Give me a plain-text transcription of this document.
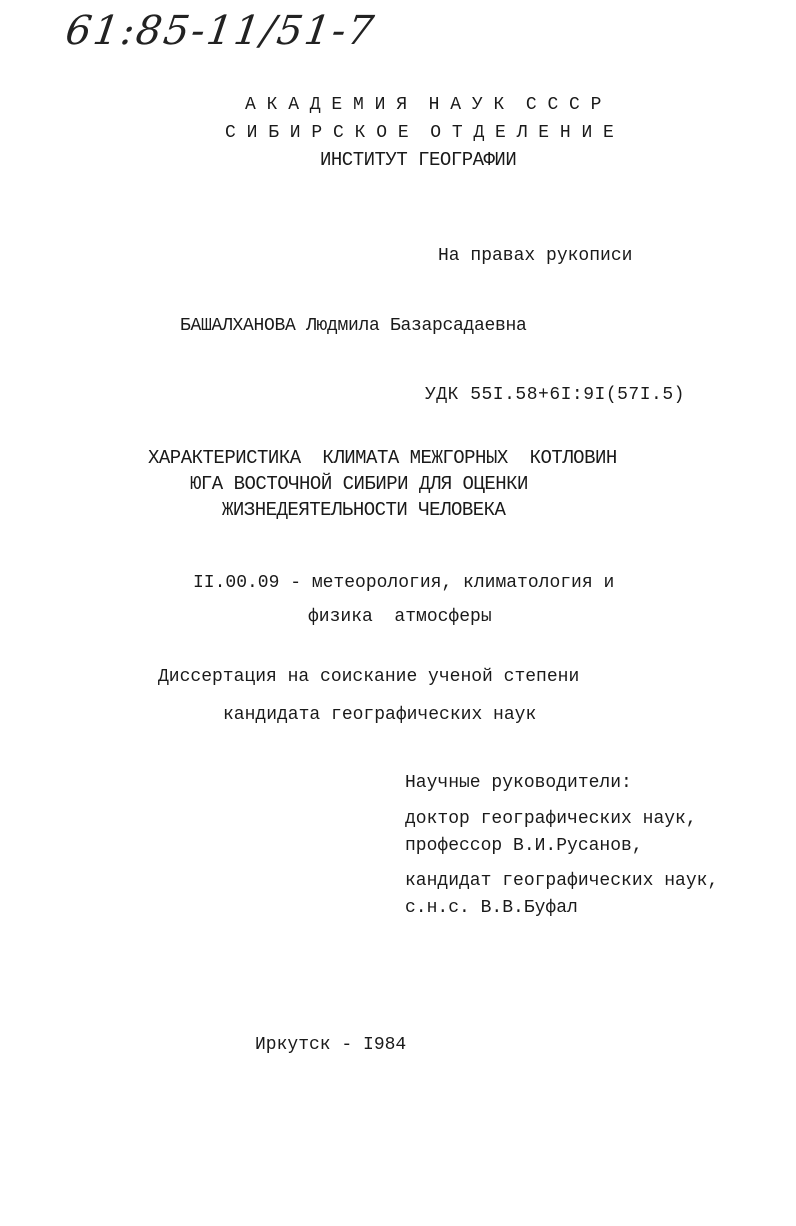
61:85-11/51-7
А К А Д Е М И Я  Н А У К  С С С Р
С И Б И Р С К О Е  О Т Д Е Л Е Н И Е
ИНСТИТУТ ГЕОГРАФИИ
На правах рукописи
БАШАЛХАНОВА Людмила Базарсадаевна
УДК 55I.58+6I:9I(57I.5)
ХАРАКТЕРИСТИКА  КЛИМАТА МЕЖГОРНЫХ  КОТЛОВИН
ЮГА ВОСТОЧНОЙ СИБИРИ ДЛЯ ОЦЕНКИ
ЖИЗНЕДЕЯТЕЛЬНОСТИ ЧЕЛОВЕКА
II.00.09 - метеорология, климатология и
физика  атмосферы
Диссертация на соискание ученой степени
кандидата географических наук
Научные руководители:
доктор географических наук,
профессор В.И.Русанов,
кандидат географических наук,
с.н.с. В.В.Буфал
Иркутск - I984
